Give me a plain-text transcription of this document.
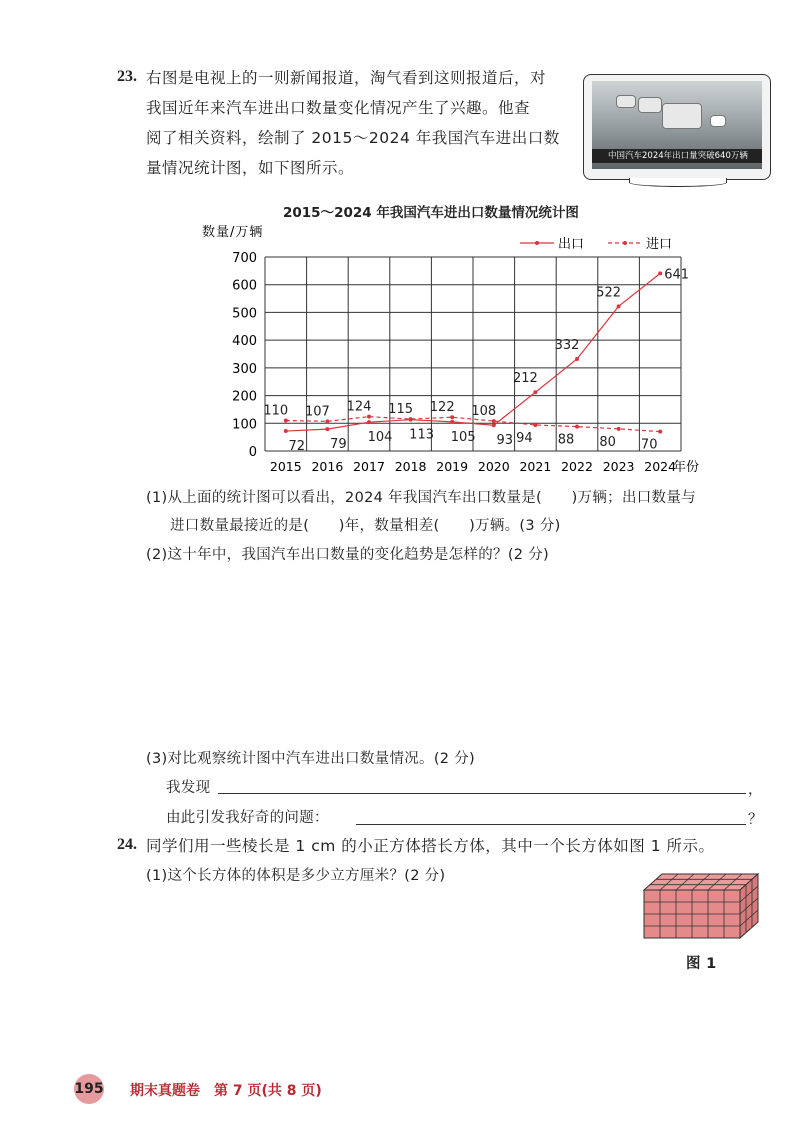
23. 右图是电视上的一则新闻报道，淘气看到这则报道后，对
我国近年来汽车进出口数量变化情况产生了兴趣。他查
阅了相关资料，绘制了 2015～2024 年我国汽车进出口数
量情况统计图，如下图所示。
中国汽车2024年出口量突破640万辆
2015～2024 年我国汽车进出口数量情况统计图
数量/万辆
年份
0
100
200
300
400
500
600
700
2015 2016 2017 2018 2019 2020 2021 2022 2023 2024
72 79 104 113 105 93
212
332
522
641
110 107 124 115 122 108
94 88 80 70
出口	进口
(1)从上面的统计图可以看出，2024 年我国汽车出口数量是(　　)万辆；出口数量与
进口数量最接近的是(　　)年，数量相差(　　)万辆。(3 分)
(2)这十年中，我国汽车出口数量的变化趋势是怎样的？(2 分)
(3)对比观察统计图中汽车进出口数量情况。(2 分)
我发现	，
由此引发我好奇的问题：	？
24. 同学们用一些棱长是 1 cm 的小正方体搭长方体，其中一个长方体如图 1 所示。
(1)这个长方体的体积是多少立方厘米？(2 分)
图 1
195 期末真题卷　第 7 页(共 8 页)
